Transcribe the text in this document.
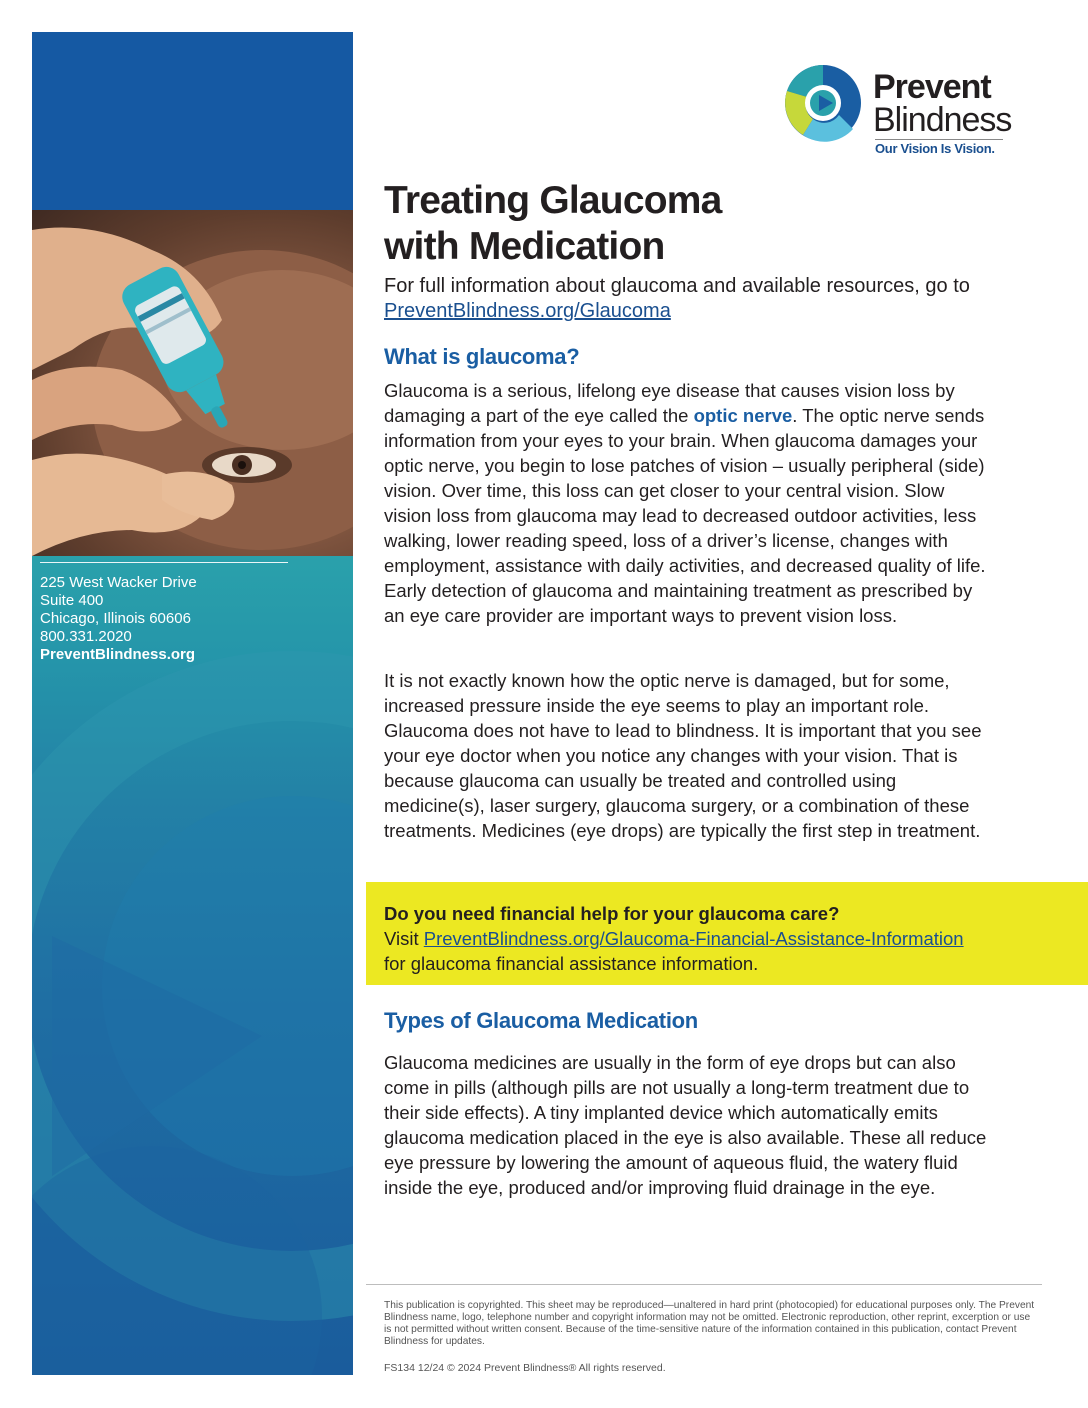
225 West Wacker Drive
Suite 400
Chicago, Illinois 60606
800.331.2020
PreventBlindness.org
Prevent
Blindness
Our Vision Is Vision.
Treating Glaucoma
with Medication
For full information about glaucoma and available resources, go to PreventBlindness.org/Glaucoma
What is glaucoma?
Glaucoma is a serious, lifelong eye disease that causes vision loss by damaging a part of the eye called the optic nerve. The optic nerve sends information from your eyes to your brain. When glaucoma damages your optic nerve, you begin to lose patches of vision – usually peripheral (side) vision. Over time, this loss can get closer to your central vision. Slow vision loss from glaucoma may lead to decreased outdoor activities, less walking, lower reading speed, loss of a driver’s license, changes with employment, assistance with daily activities, and decreased quality of life. Early detection of glaucoma and maintaining treatment as prescribed by an eye care provider are important ways to prevent vision loss.
It is not exactly known how the optic nerve is damaged, but for some, increased pressure inside the eye seems to play an important role. Glaucoma does not have to lead to blindness. It is important that you see your eye doctor when you notice any changes with your vision. That is because glaucoma can usually be treated and controlled using medicine(s), laser surgery, glaucoma surgery, or a combination of these treatments. Medicines (eye drops) are typically the first step in treatment.
Do you need financial help for your glaucoma care?
Visit PreventBlindness.org/Glaucoma-Financial-Assistance-Information
for glaucoma financial assistance information.
Types of Glaucoma Medication
Glaucoma medicines are usually in the form of eye drops but can also come in pills (although pills are not usually a long-term treatment due to their side effects). A tiny implanted device which automatically emits glaucoma medication placed in the eye is also available. These all reduce eye pressure by lowering the amount of aqueous fluid, the watery fluid inside the eye, produced and/or improving fluid drainage in the eye.
This publication is copyrighted. This sheet may be reproduced—unaltered in hard print (photocopied) for educational purposes only. The Prevent Blindness name, logo, telephone number and copyright information may not be omitted. Electronic reproduction, other reprint, excerption or use is not permitted without written consent. Because of the time-sensitive nature of the information contained in this publication, contact Prevent Blindness for updates.
FS134 12/24 © 2024 Prevent Blindness® All rights reserved.
